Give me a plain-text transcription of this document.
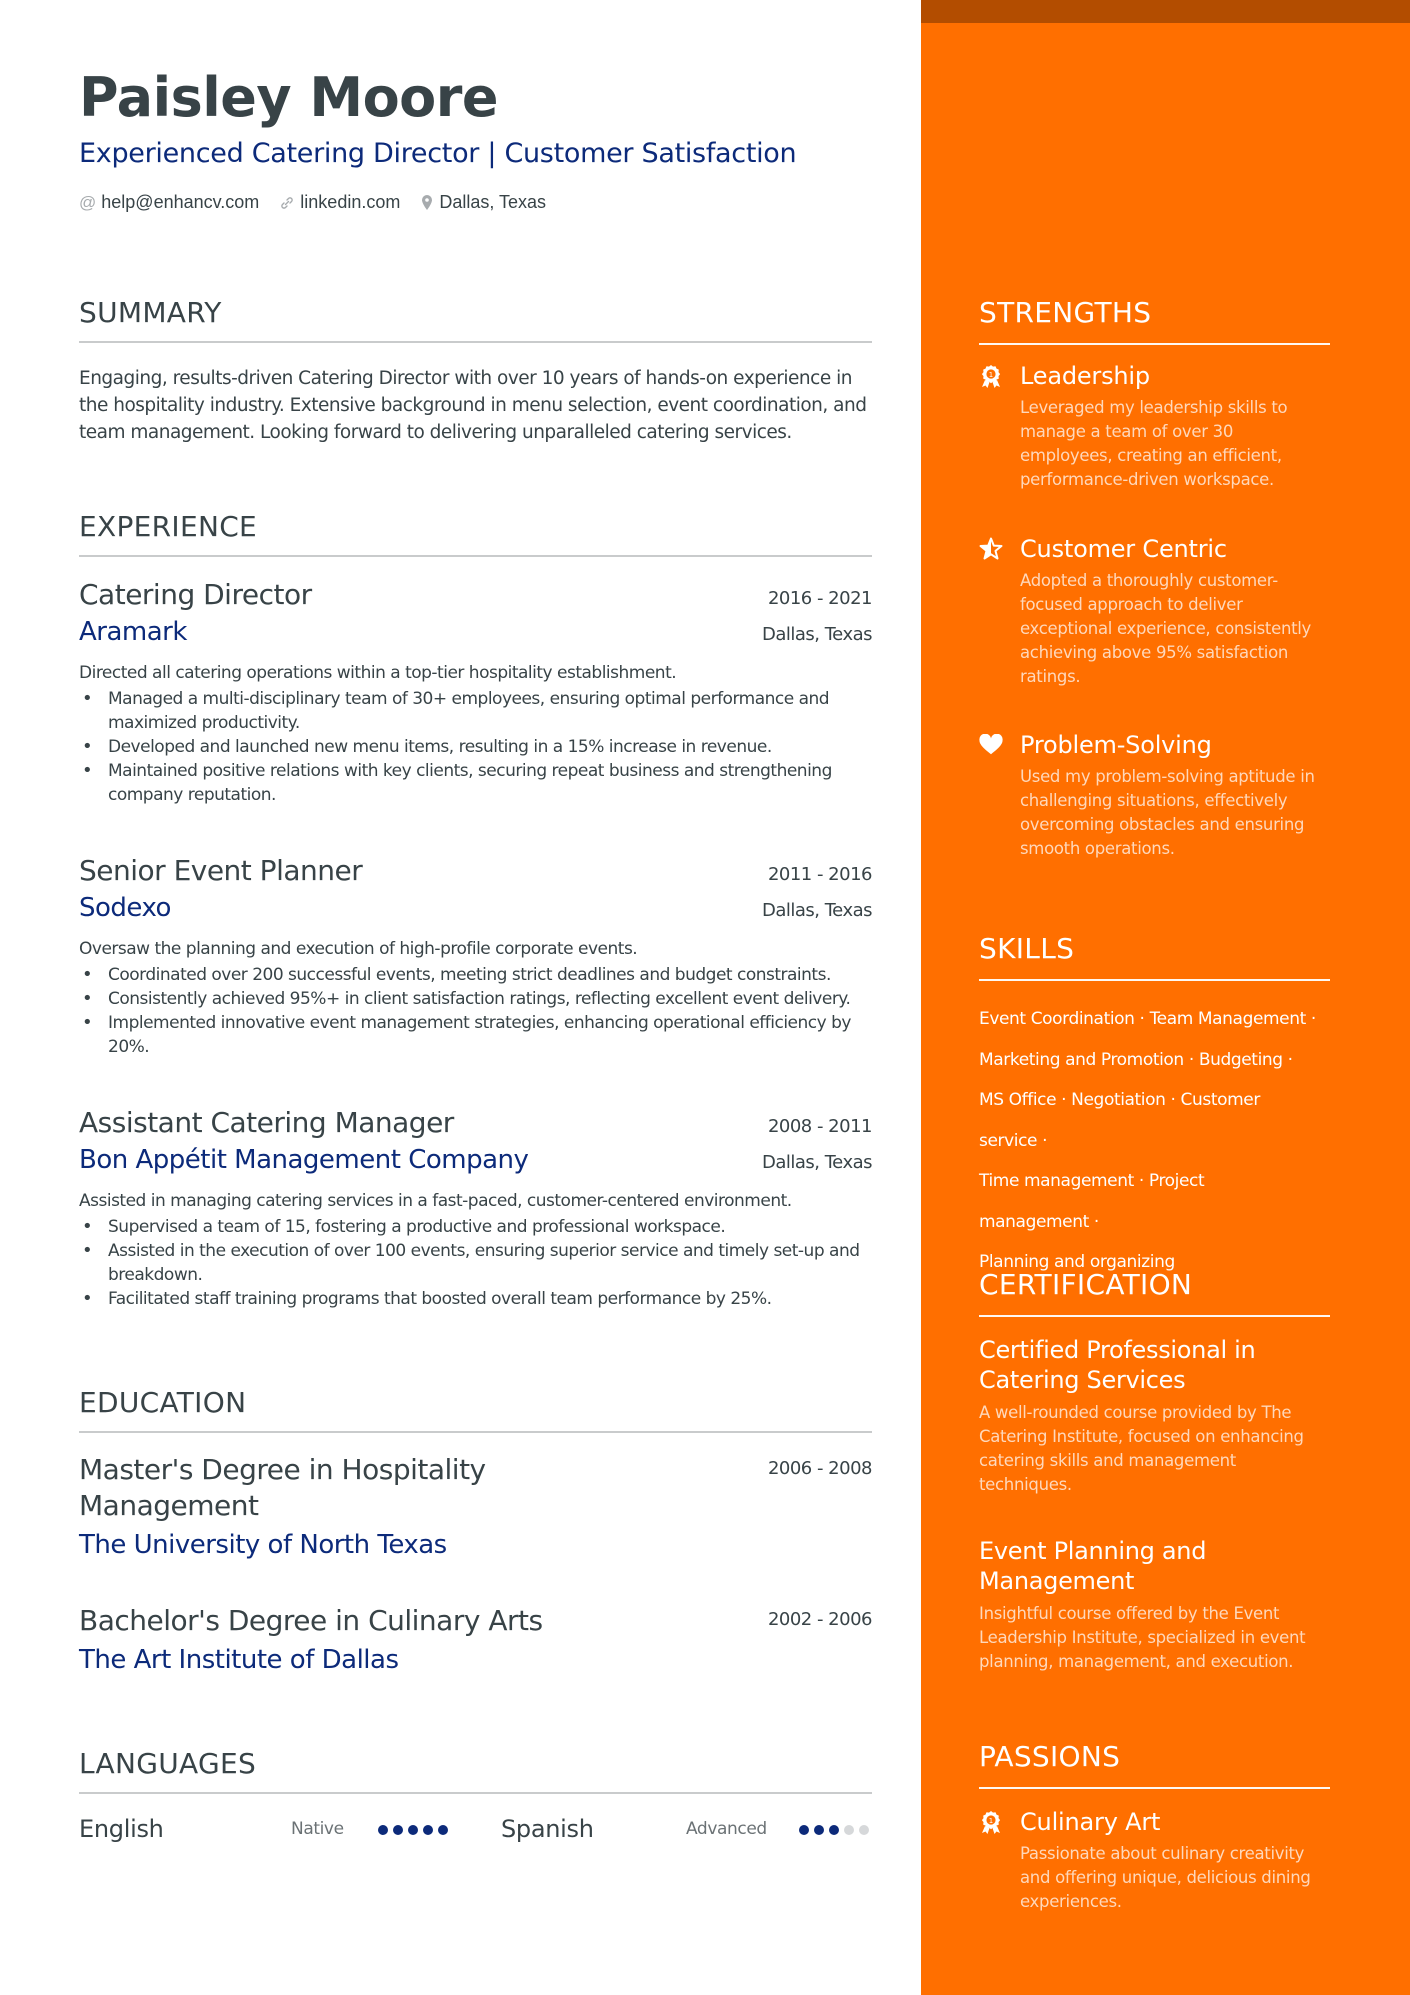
Paisley Moore
Experienced Catering Director | Customer Satisfaction
@ help@enhancv.com linkedin.com Dallas, Texas
SUMMARY
Engaging, results-driven Catering Director with over 10 years of hands-on experience in the hospitality industry. Extensive background in menu selection, event coordination, and team management. Looking forward to delivering unparalleled catering services.
EXPERIENCE
Catering Director	2016 - 2021
Aramark	Dallas, Texas
Directed all catering operations within a top-tier hospitality establishment.
• Managed a multi-disciplinary team of 30+ employees, ensuring optimal performance and maximized productivity.
• Developed and launched new menu items, resulting in a 15% increase in revenue.
• Maintained positive relations with key clients, securing repeat business and strengthening company reputation.
Senior Event Planner	2011 - 2016
Sodexo	Dallas, Texas
Oversaw the planning and execution of high-profile corporate events.
• Coordinated over 200 successful events, meeting strict deadlines and budget constraints.
• Consistently achieved 95%+ in client satisfaction ratings, reflecting excellent event delivery.
• Implemented innovative event management strategies, enhancing operational efficiency by 20%.
Assistant Catering Manager	2008 - 2011
Bon Appétit Management Company	Dallas, Texas
Assisted in managing catering services in a fast-paced, customer-centered environment.
• Supervised a team of 15, fostering a productive and professional workspace.
• Assisted in the execution of over 100 events, ensuring superior service and timely set-up and breakdown.
• Facilitated staff training programs that boosted overall team performance by 25%.
EDUCATION
Master's Degree in Hospitality Management
2006 - 2008
The University of North Texas
Bachelor's Degree in Culinary Arts	2002 - 2006
The Art Institute of Dallas
LANGUAGES
English	Native	Spanish	Advanced
STRENGTHS
1 Leadership
Leveraged my leadership skills to manage a team of over 30 employees, creating an efficient, performance-driven workspace.
Customer Centric
Adopted a thoroughly customer-focused approach to deliver exceptional experience, consistently achieving above 95% satisfaction ratings.
Problem-Solving
Used my problem-solving aptitude in challenging situations, effectively overcoming obstacles and ensuring smooth operations.
SKILLS
Event Coordination · Team Management ·
Marketing and Promotion · Budgeting ·
MS Office · Negotiation · Customer service ·
Time management · Project management ·
Planning and organizing
CERTIFICATION
Certified Professional in Catering Services
A well-rounded course provided by The Catering Institute, focused on enhancing catering skills and management techniques.
Event Planning and Management
Insightful course offered by the Event Leadership Institute, specialized in event planning, management, and execution.
PASSIONS
1 Culinary Art
Passionate about culinary creativity and offering unique, delicious dining experiences.
